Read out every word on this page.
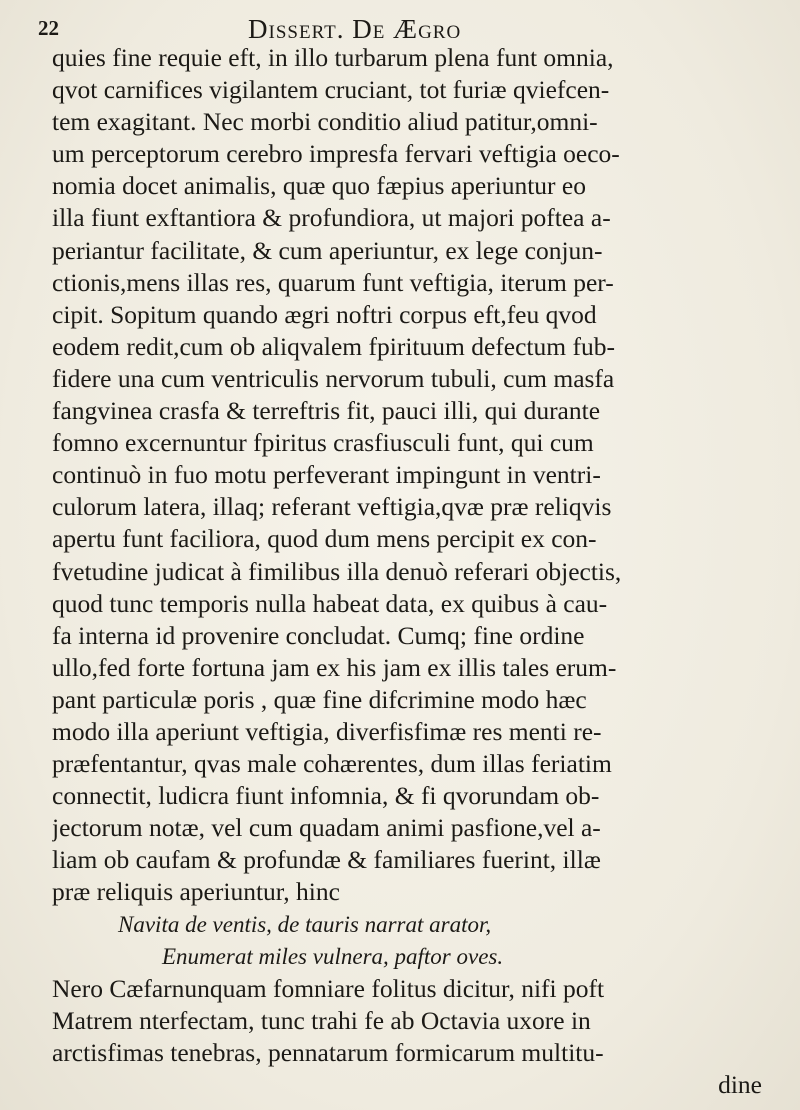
22	Dissert. De Ægro
quies fine requie eft, in illo turbarum plena funt omnia,
qvot carnifices vigilantem cruciant, tot furiæ qviefcen-
tem exagitant. Nec morbi conditio aliud patitur,omni-
um perceptorum cerebro impresfa fervari veftigia oeco-
nomia docet animalis, quæ quo fæpius aperiuntur eo
illa fiunt exftantiora & profundiora, ut majori poftea a-
periantur facilitate, & cum aperiuntur, ex lege conjun-
ctionis,mens illas res, quarum funt veftigia, iterum per-
cipit. Sopitum quando ægri noftri corpus eft,feu qvod
eodem redit,cum ob aliqvalem fpirituum defectum fub-
fidere una cum ventriculis nervorum tubuli, cum masfa
fangvinea crasfa & terreftris fit, pauci illi, qui durante
fomno excernuntur fpiritus crasfiusculi funt, qui cum
continuò in fuo motu perfeverant impingunt in ventri-
culorum latera, illaq; referant veftigia,qvæ præ reliqvis
apertu funt faciliora, quod dum mens percipit ex con-
fvetudine judicat à fimilibus illa denuò referari objectis,
quod tunc temporis nulla habeat data, ex quibus à cau-
fa interna id provenire concludat. Cumq; fine ordine
ullo,fed forte fortuna jam ex his jam ex illis tales erum-
pant particulæ poris , quæ fine difcrimine modo hæc
modo illa aperiunt veftigia, diverfisfimæ res menti re-
præfentantur, qvas male cohærentes, dum illas feriatim
connectit, ludicra fiunt infomnia, & fi qvorundam ob-
jectorum notæ, vel cum quadam animi pasfione,vel a-
liam ob caufam & profundæ & familiares fuerint, illæ
præ reliquis aperiuntur, hinc
Navita de ventis, de tauris narrat arator,
Enumerat miles vulnera, paftor oves.
Nero Cæfarnunquam fomniare folitus dicitur, nifi poft
Matrem nterfectam, tunc trahi fe ab Octavia uxore in
arctisfimas tenebras, pennatarum formicarum multitu-
dine
